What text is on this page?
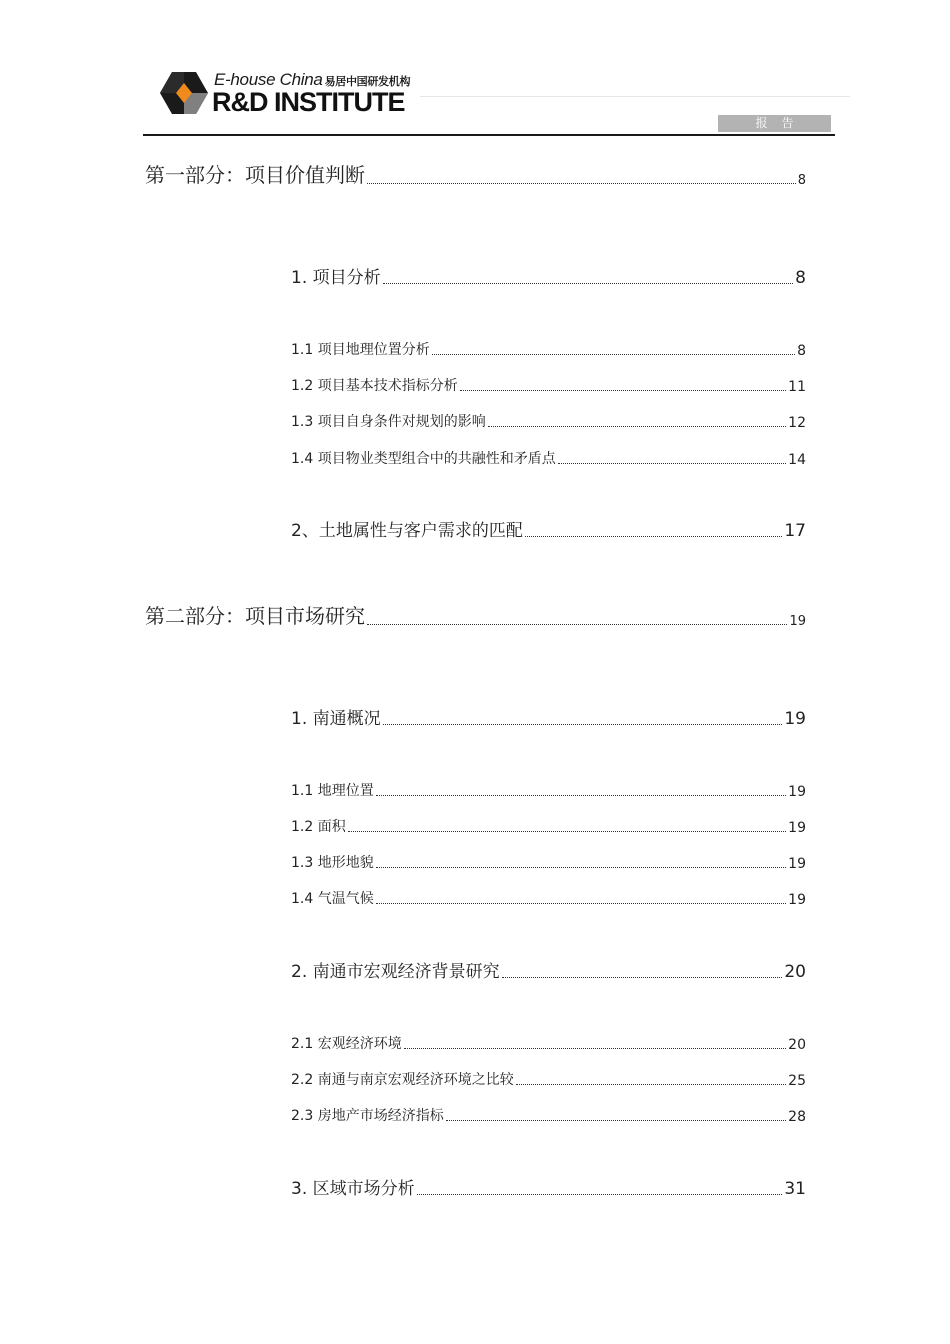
E-house China 易居中国研发机构
R&D INSTITUTE
报告
第一部分：项目价值判断	8
1. 项目分析	8
1.1 项目地理位置分析	8
1.2 项目基本技术指标分析	11
1.3 项目自身条件对规划的影响	12
1.4 项目物业类型组合中的共融性和矛盾点	14
2、土地属性与客户需求的匹配	17
第二部分：项目市场研究	19
1. 南通概况	19
1.1 地理位置	19
1.2 面积	19
1.3 地形地貌	19
1.4 气温气候	19
2. 南通市宏观经济背景研究	20
2.1 宏观经济环境	20
2.2 南通与南京宏观经济环境之比较	25
2.3 房地产市场经济指标	28
3. 区域市场分析	31
